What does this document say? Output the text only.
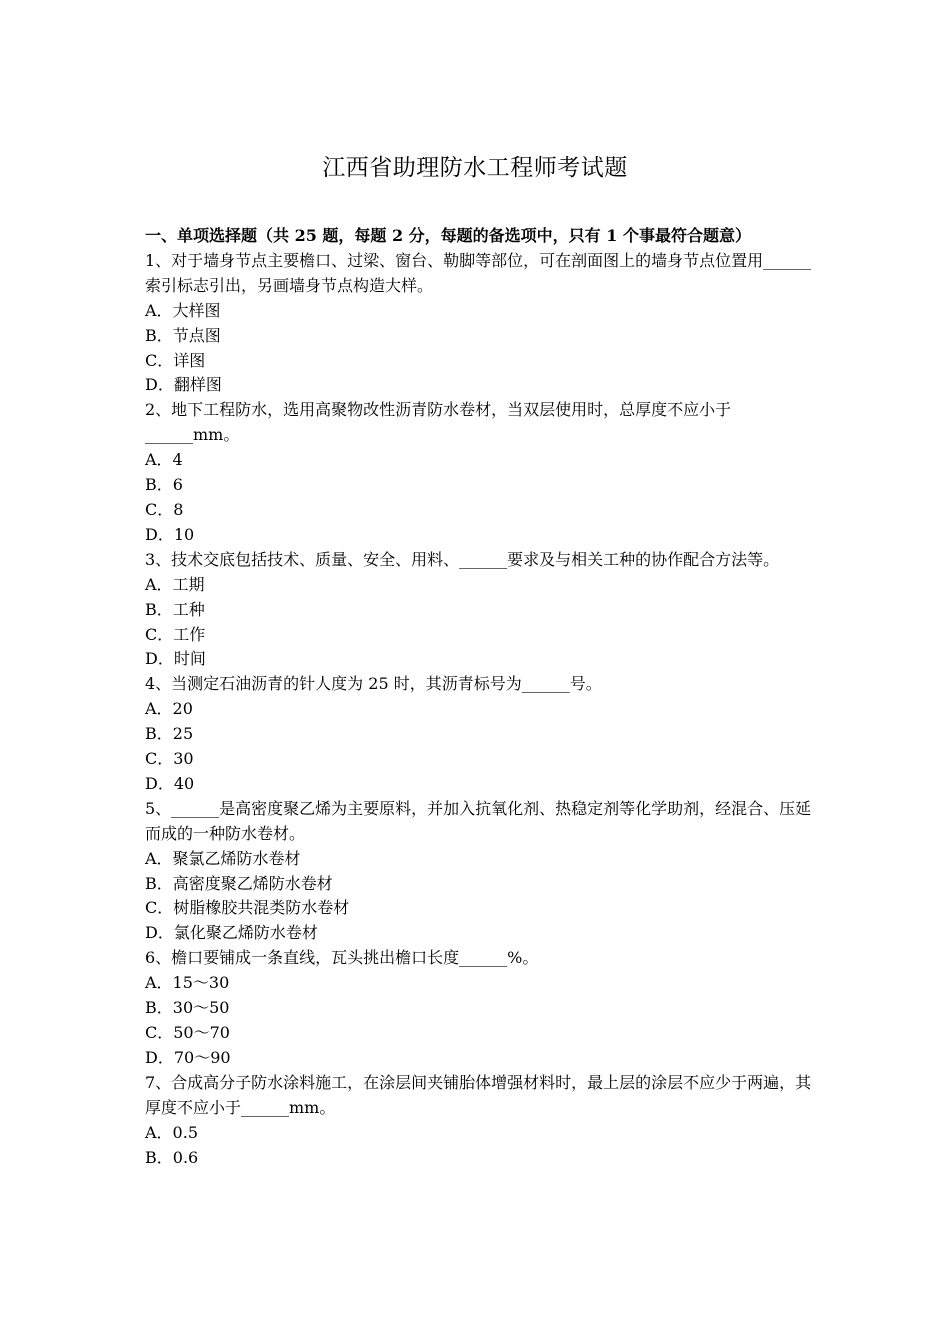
江西省助理防水工程师考试题

一、单项选择题（共 25 题，每题 2 分，每题的备选项中，只有 1 个事最符合题意）

1、对于墙身节点主要檐口、过梁、窗台、勒脚等部位，可在剖面图上的墙身节点位置用______索引标志引出，另画墙身节点构造大样。

A．大样图

B．节点图

C．详图

D．翻样图

2、地下工程防水，选用高聚物改性沥青防水卷材，当双层使用时，总厚度不应小于______mm。

A．4

B．6

C．8

D．10

3、技术交底包括技术、质量、安全、用料、______要求及与相关工种的协作配合方法等。

A．工期

B．工种

C．工作

D．时间

4、当测定石油沥青的针人度为 25 时，其沥青标号为______号。

A．20

B．25

C．30

D．40

5、______是高密度聚乙烯为主要原料，并加入抗氧化剂、热稳定剂等化学助剂，经混合、压延而成的一种防水卷材。

A．聚氯乙烯防水卷材

B．高密度聚乙烯防水卷材

C．树脂橡胶共混类防水卷材

D．氯化聚乙烯防水卷材

6、檐口要铺成一条直线，瓦头挑出檐口长度______%。

A．15～30

B．30～50

C．50～70

D．70～90

7、合成高分子防水涂料施工，在涂层间夹铺胎体增强材料时，最上层的涂层不应少于两遍，其厚度不应小于______mm。

A．0.5

B．0.6
